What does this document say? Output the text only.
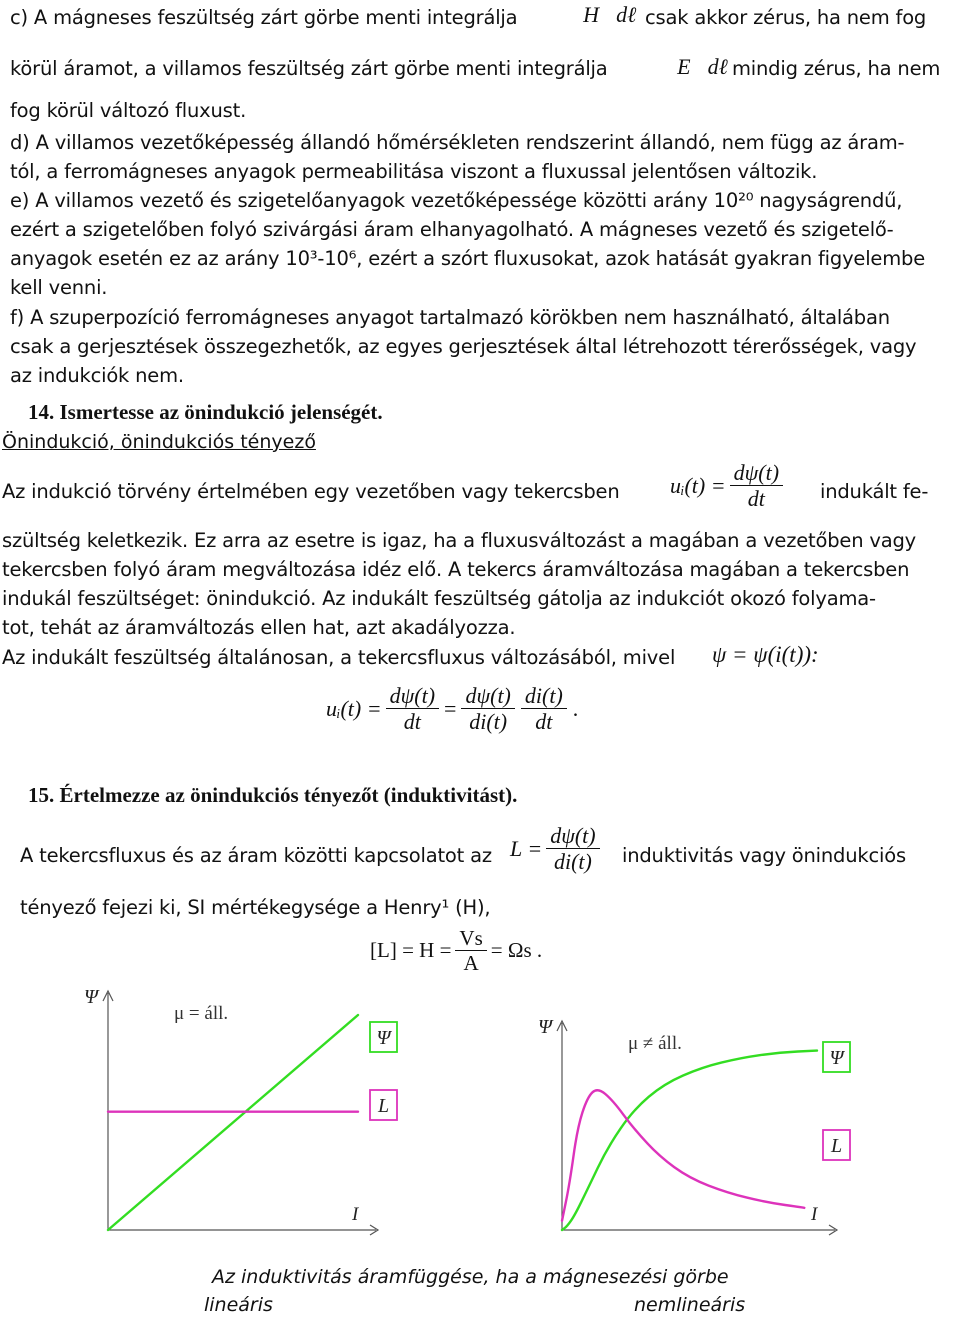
c) A mágneses feszültség zárt görbe menti integrálja ∮H⃗dℓ⃗
csak akkor zérus, ha nem fog
körül áramot, a villamos feszültség zárt görbe menti integrálja ∮E⃗dℓ⃗
mindig zérus, ha nem
fog körül változó fluxust.
d) A villamos vezetőképesség állandó hőmérsékleten rendszerint állandó, nem függ az áram-
tól, a ferromágneses anyagok permeabilitása viszont a fluxussal jelentősen változik.
e) A villamos vezető és szigetelőanyagok vezetőképessége közötti arány 10²⁰ nagyságrendű,
ezért a szigetelőben folyó szivárgási áram elhanyagolható. A mágneses vezető és szigetelő-
anyagok esetén ez az arány 10³-10⁶, ezért a szórt fluxusokat, azok hatását gyakran figyelembe
kell venni.
f) A szuperpozíció ferromágneses anyagot tartalmazó körökben nem használható, általában
csak a gerjesztések összegezhetők, az egyes gerjesztések által létrehozott térerősségek, vagy
az indukciók nem.
14. Ismertesse az önindukció jelenségét.
Önindukció, önindukciós tényező
Az indukció törvény értelmében egy vezetőben vagy tekercsben uᵢ(t) = $\frac{d\psi(t)}{dt}$ indukált fe-
szültség keletkezik. Ez arra az esetre is igaz, ha a fluxusváltozást a magában a vezetőben vagy
tekercsben folyó áram megváltozása idéz elő. A tekercs áramváltozása magában a tekercsben
indukál feszültséget: önindukció. Az indukált feszültség gátolja az indukciót okozó folyama-
tot, tehát az áramváltozás ellen hat, azt akadályozza.
Az indukált feszültség általánosan, a tekercsfluxus változásából, mivel ψ = ψ(i(t)):
uᵢ(t) = $\frac{d\psi(t)}{dt} = \frac{d\psi(t)}{di(t)} \frac{di(t)}{dt}$ .
15. Értelmezze az önindukciós tényezőt (induktivitást).
A tekercsfluxus és az áram közötti kapcsolatot az $L = \frac{d\psi(t)}{di(t)}$ induktivitás vagy önindukciós
tényező fejezi ki, SI mértékegysége a Henry¹ (H),
$[L] = H = \frac{Vs}{A} = \Omega s$ .
Ψ
I
μ = áll.
Ψ
L
Ψ
I
μ ≠ áll.
Ψ
L
Az induktivitás áramfüggése, ha a mágnesezési görbe
lineáris	nemlineáris
